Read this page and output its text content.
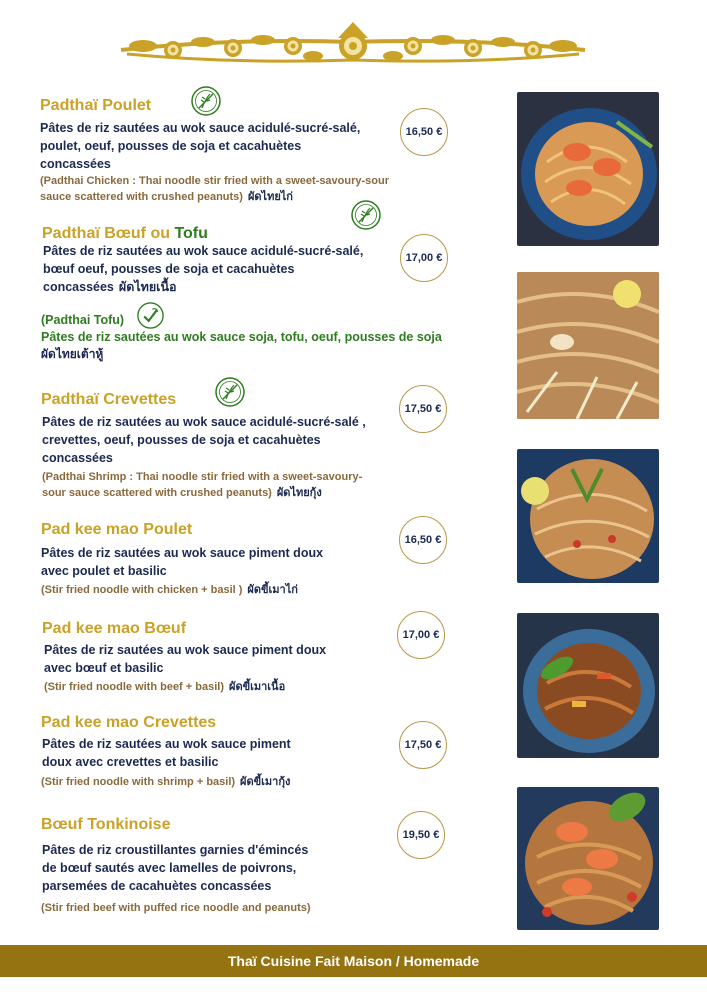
Padthaï Poulet
Pâtes de riz sautées au wok sauce acidulé-sucré-salé,
poulet, oeuf, pousses de soja et cacahuètes
concassées
(Padthai Chicken : Thai noodle stir fried with a sweet-savoury-sour
sauce scattered with crushed peanuts) ผัดไทยไก่
16,50 €
Padthaï Bœuf ou Tofu
Pâtes de riz sautées au wok sauce acidulé-sucré-salé,
bœuf oeuf, pousses de soja et cacahuètes
concassées ผัดไทยเนื้อ
17,00 €
(Padthai Tofu)
Pâtes de riz sautées au wok sauce soja, tofu, oeuf, pousses de soja
ผัดไทยเต้าหู้
Padthaï Crevettes
Pâtes de riz sautées au wok sauce acidulé-sucré-salé ,
crevettes, oeuf, pousses de soja et cacahuètes
concassées
(Padthai Shrimp : Thai noodle stir fried with a sweet-savoury-
sour sauce scattered with crushed peanuts) ผัดไทยกุ้ง
17,50 €
Pad kee mao Poulet
Pâtes de riz sautées au wok sauce piment doux
avec poulet et basilic
(Stir fried noodle with chicken + basil ) ผัดขี้เมาไก่
16,50 €
Pad kee mao Bœuf
Pâtes de riz sautées au wok sauce piment doux
avec bœuf et basilic
(Stir fried noodle with beef + basil) ผัดขี้เมาเนื้อ
17,00 €
Pad kee mao Crevettes
Pâtes de riz sautées au wok sauce piment
doux avec crevettes et basilic
(Stir fried noodle with shrimp + basil) ผัดขี้เมากุ้ง
17,50 €
Bœuf Tonkinoise
Pâtes de riz croustillantes garnies d'émincés
de bœuf sautés avec lamelles de poivrons,
parsemées de cacahuètes concassées
(Stir fried beef with puffed rice noodle and peanuts)
19,50 €
Thaï Cuisine Fait Maison / Homemade
